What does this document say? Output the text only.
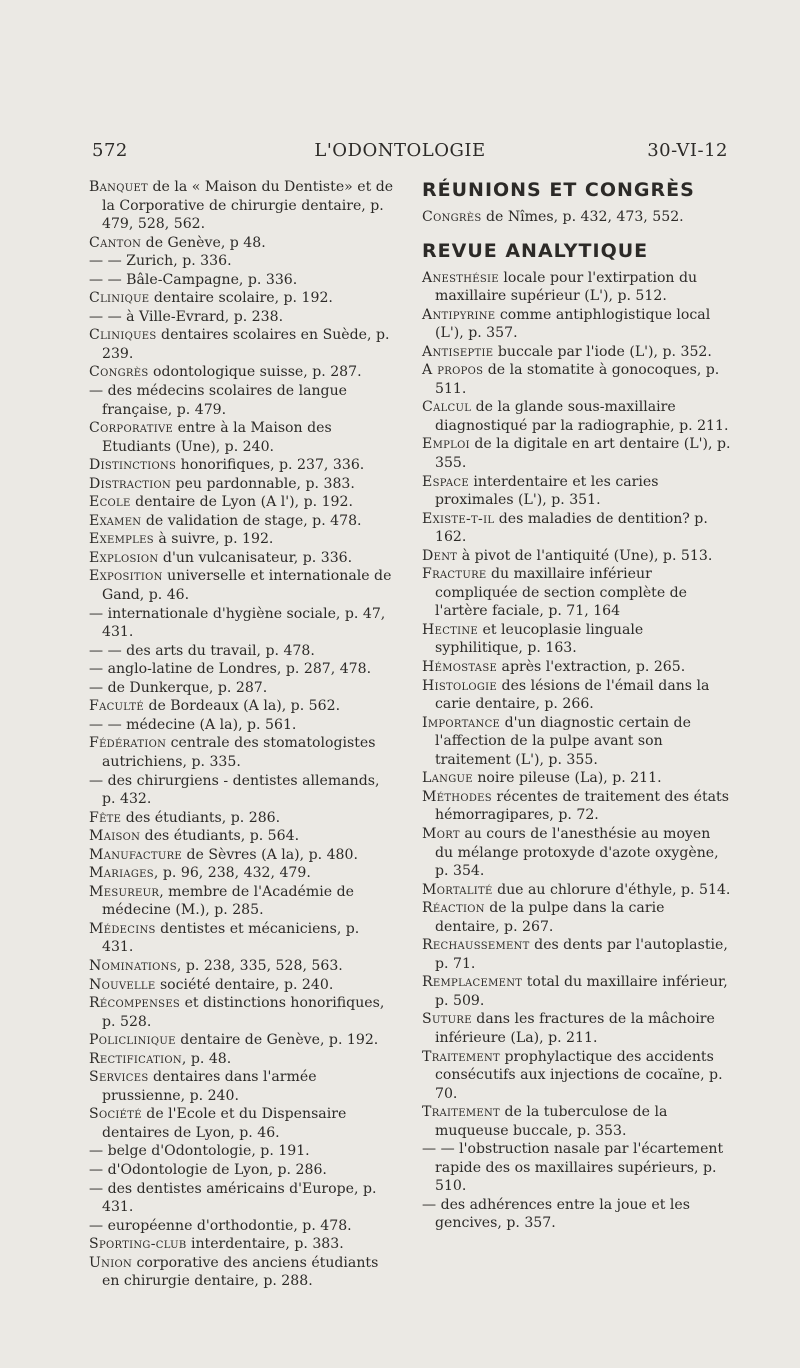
572	L'ODONTOLOGIE	30-VI-12

Banquet de la « Maison du Dentiste» et de la Corporative de chirurgie dentaire, p. 479, 528, 562.

Canton de Genève, p 48.

— — Zurich, p. 336.

— — Bâle-Campagne, p. 336.

Clinique dentaire scolaire, p. 192.

— — à Ville-Evrard, p. 238.

Cliniques dentaires scolaires en Suède, p. 239.

Congrès odontologique suisse, p. 287.

— des médecins scolaires de langue française, p. 479.

Corporative entre à la Maison des Etudiants (Une), p. 240.

Distinctions honorifiques, p. 237, 336.

Distraction peu pardonnable, p. 383.

Ecole dentaire de Lyon (A l'), p. 192.

Examen de validation de stage, p. 478.

Exemples à suivre, p. 192.

Explosion d'un vulcanisateur, p. 336.

Exposition universelle et internationale de Gand, p. 46.

— internationale d'hygiène sociale, p. 47, 431.

— — des arts du travail, p. 478.

— anglo-latine de Londres, p. 287, 478.

— de Dunkerque, p. 287.

Faculté de Bordeaux (A la), p. 562.

— — médecine (A la), p. 561.

Fédération centrale des stomatologistes autrichiens, p. 335.

— des chirurgiens - dentistes allemands, p. 432.

Fête des étudiants, p. 286.

Maison des étudiants, p. 564.

Manufacture de Sèvres (A la), p. 480.

Mariages, p. 96, 238, 432, 479.

Mesureur, membre de l'Académie de médecine (M.), p. 285.

Médecins dentistes et mécaniciens, p. 431.

Nominations, p. 238, 335, 528, 563.

Nouvelle société dentaire, p. 240.

Récompenses et distinctions honorifiques, p. 528.

Policlinique dentaire de Genève, p. 192.

Rectification, p. 48.

Services dentaires dans l'armée prussienne, p. 240.

Société de l'Ecole et du Dispensaire dentaires de Lyon, p. 46.

— belge d'Odontologie, p. 191.

— d'Odontologie de Lyon, p. 286.

— des dentistes américains d'Europe, p. 431.

— européenne d'orthodontie, p. 478.

Sporting-club interdentaire, p. 383.

Union corporative des anciens étudiants en chirurgie dentaire, p. 288.

RÉUNIONS ET CONGRÈS

Congrès de Nîmes, p. 432, 473, 552.

REVUE ANALYTIQUE

Anesthésie locale pour l'extirpation du maxillaire supérieur (L'), p. 512.

Antipyrine comme antiphlogistique local (L'), p. 357.

Antiseptie buccale par l'iode (L'), p. 352.

A propos de la stomatite à gonocoques, p. 511.

Calcul de la glande sous-maxillaire diagnostiqué par la radiographie, p. 211.

Emploi de la digitale en art dentaire (L'), p. 355.

Espace interdentaire et les caries proximales (L'), p. 351.

Existe-t-il des maladies de dentition? p. 162.

Dent à pivot de l'antiquité (Une), p. 513.

Fracture du maxillaire inférieur compliquée de section complète de l'artère faciale, p. 71, 164

Hectine et leucoplasie linguale syphilitique, p. 163.

Hémostase après l'extraction, p. 265.

Histologie des lésions de l'émail dans la carie dentaire, p. 266.

Importance d'un diagnostic certain de l'affection de la pulpe avant son traitement (L'), p. 355.

Langue noire pileuse (La), p. 211.

Méthodes récentes de traitement des états hémorragipares, p. 72.

Mort au cours de l'anesthésie au moyen du mélange protoxyde d'azote oxygène, p. 354.

Mortalité due au chlorure d'éthyle, p. 514.

Réaction de la pulpe dans la carie dentaire, p. 267.

Rechaussement des dents par l'autoplastie, p. 71.

Remplacement total du maxillaire inférieur, p. 509.

Suture dans les fractures de la mâchoire inférieure (La), p. 211.

Traitement prophylactique des accidents consécutifs aux injections de cocaïne, p. 70.

Traitement de la tuberculose de la muqueuse buccale, p. 353.

— — l'obstruction nasale par l'écartement rapide des os maxillaires supérieurs, p. 510.

— des adhérences entre la joue et les gencives, p. 357.
